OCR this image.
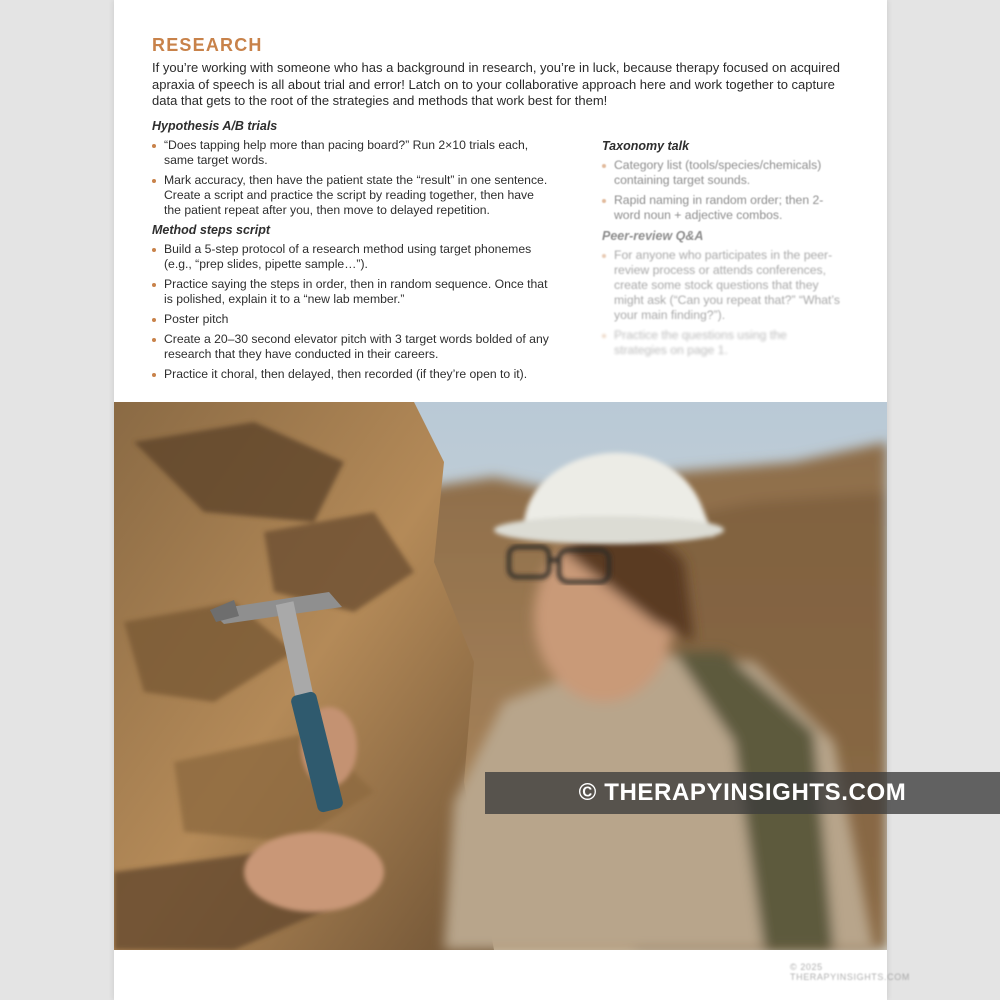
RESEARCH

If you’re working with someone who has a background in research, you’re in luck, because therapy focused on acquired apraxia of speech is all about trial and error! Latch on to your collaborative approach here and work together to capture data that gets to the root of the strategies and methods that work best for them!

Hypothesis A/B trials
“Does tapping help more than pacing board?” Run 2×10 trials each, same target words.
Mark accuracy, then have the patient state the “result” in one sentence. Create a script and practice the script by reading together, then have the patient repeat after you, then move to delayed repetition.
Method steps script
Build a 5-step protocol of a research method using target phonemes (e.g., “prep slides, pipette sample…”).
Practice saying the steps in order, then in random sequence. Once that is polished, explain it to a “new lab member.”
Poster pitch
Create a 20–30 second elevator pitch with 3 target words bolded of any research that they have conducted in their careers.
Practice it choral, then delayed, then recorded (if they’re open to it).
Taxonomy talk
Category list (tools/species/chemicals) containing target sounds.
Rapid naming in random order; then 2-word noun + adjective combos.
Peer-review Q&A
For anyone who participates in the peer-review process or attends conferences, create some stock questions that they might ask (“Can you repeat that?” “What’s your main finding?”).
Practice the questions using the strategies on page 1.
© 2025 THERAPYINSIGHTS.COM
© THERAPYINSIGHTS.COM
